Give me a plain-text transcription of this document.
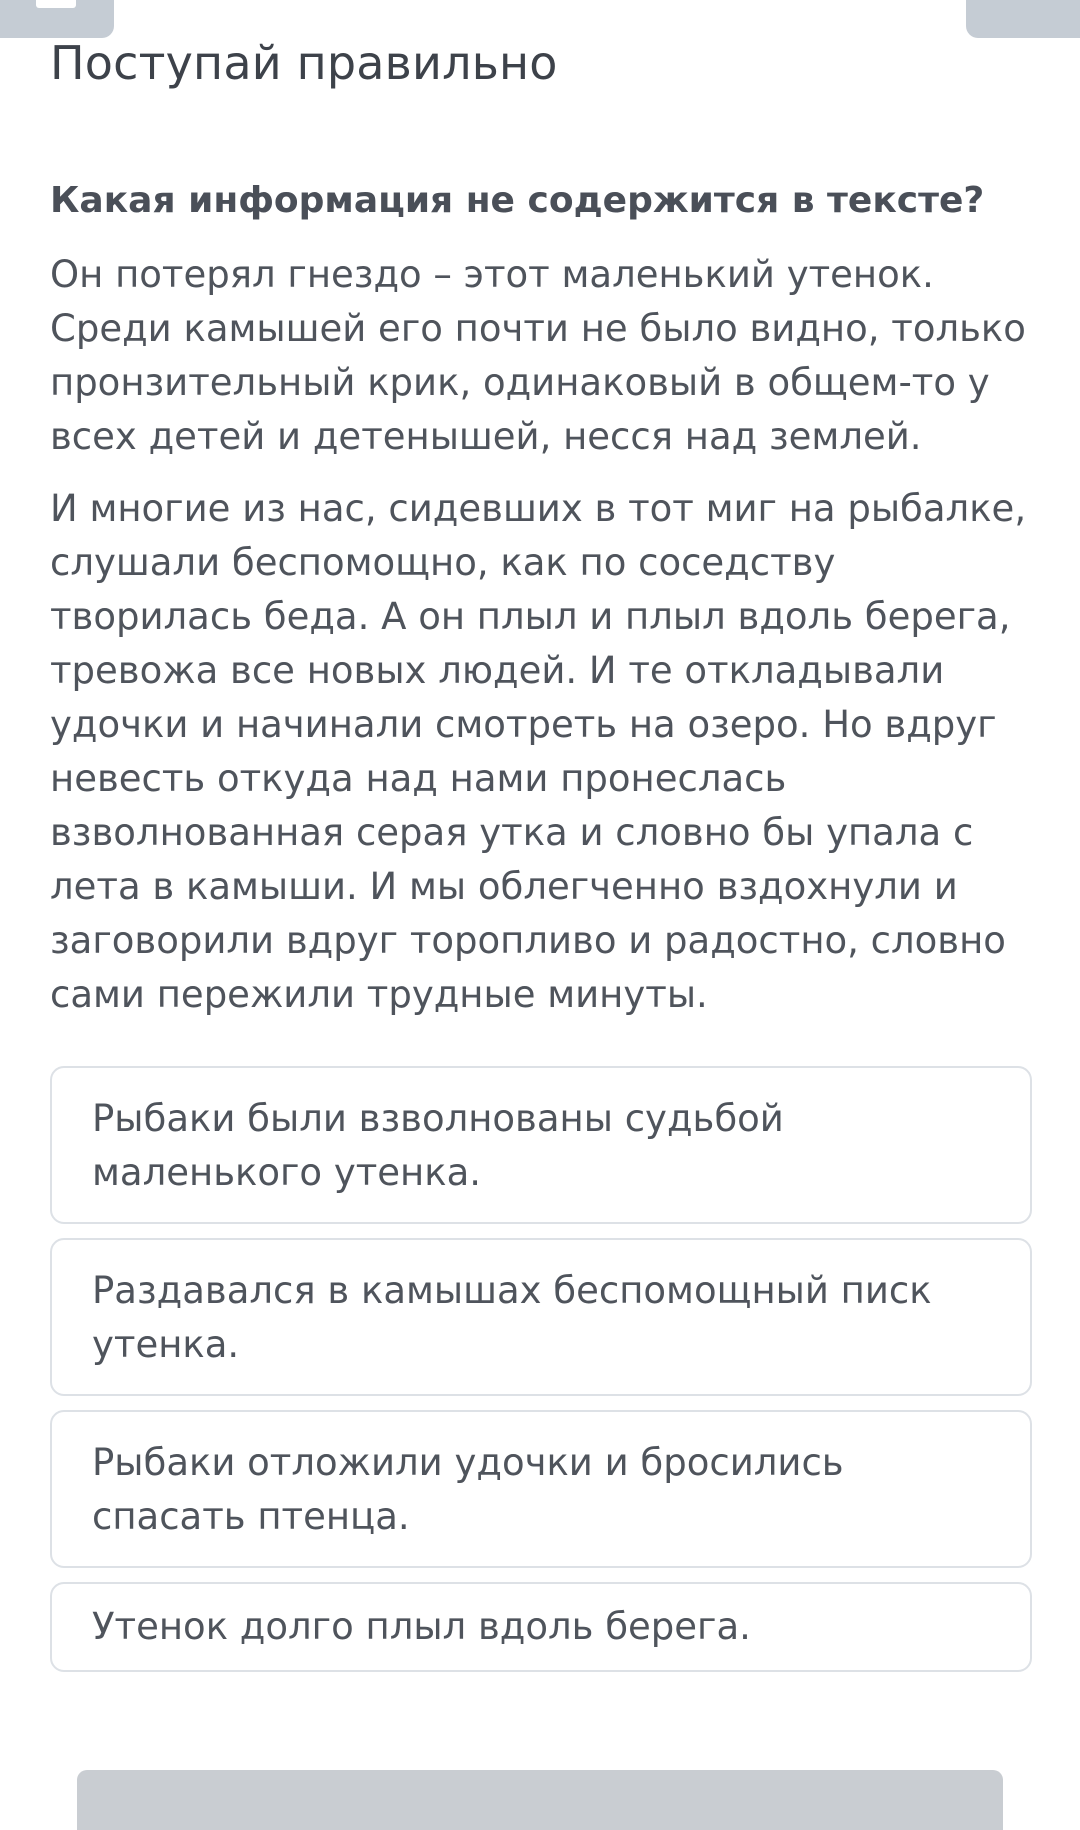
Поступай правильно
Какая информация не содержится в тексте?

Он потерял гнездо – этот маленький утенок. Среди камышей его почти не было видно, только пронзительный крик, одинаковый в общем-то у всех детей и детенышей, несся над землей.

И многие из нас, сидевших в тот миг на рыбалке, слушали беспомощно, как по соседству творилась беда. А он плыл и плыл вдоль берега, тревожа все новых людей. И те откладывали удочки и начинали смотреть на озеро. Но вдруг невесть откуда над нами пронеслась взволнованная серая утка и словно бы упала с лета в камыши. И мы облегченно вздохнули и заговорили вдруг торопливо и радостно, словно сами пережили трудные минуты.

Рыбаки были взволнованы судьбой маленького утенка.
Раздавался в камышах беспомощный писк утенка.
Рыбаки отложили удочки и бросились спасать птенца.
Утенок долго плыл вдоль берега.
